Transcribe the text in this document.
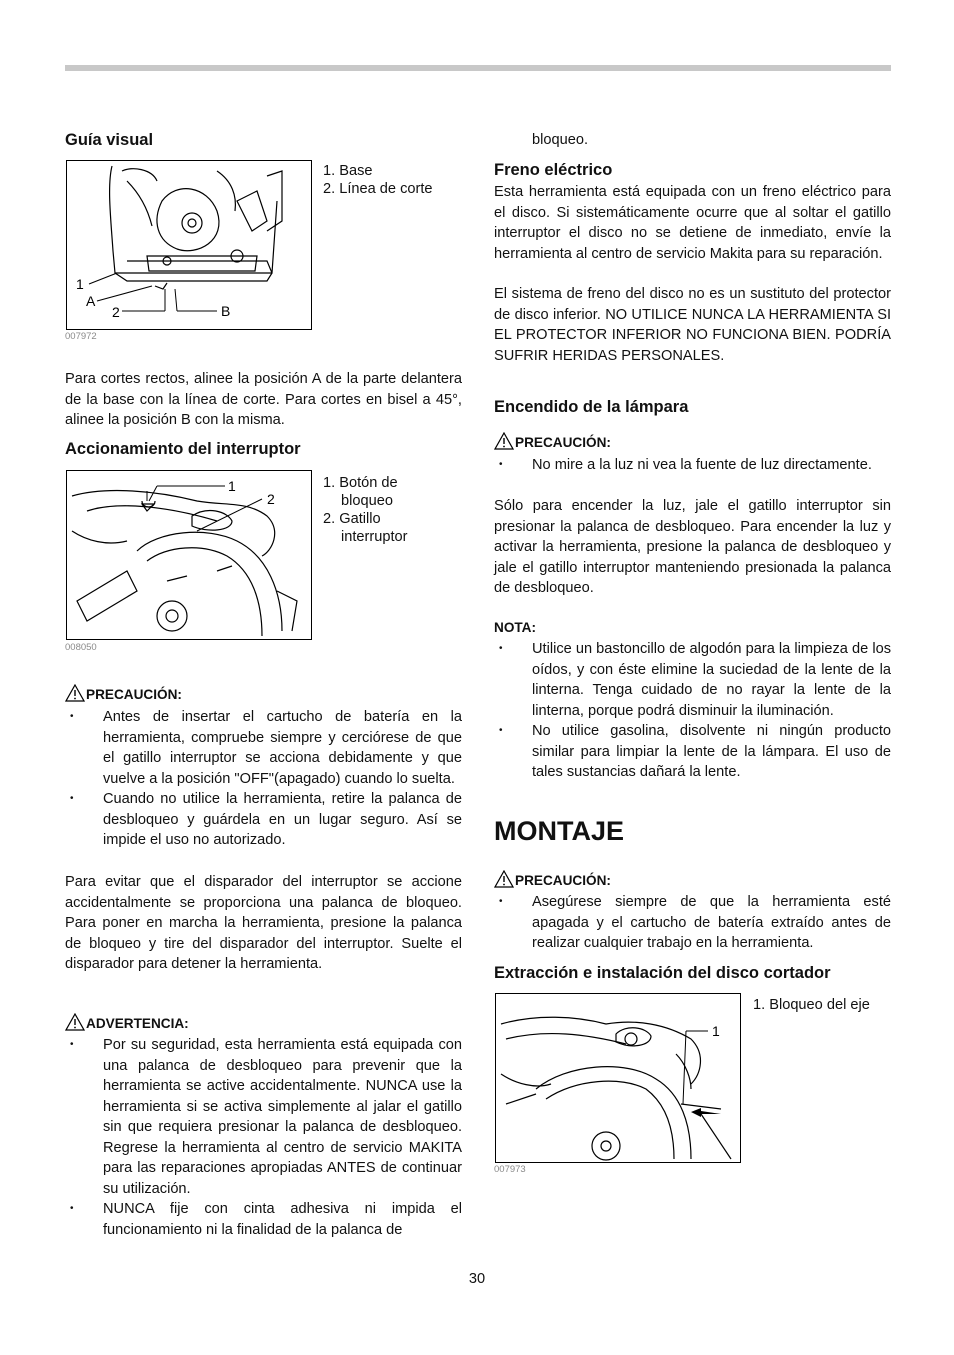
Guía visual
1
A
2	B
1. Base
2. Línea de corte
007972

Para cortes rectos, alinee la posición A de la parte delantera de la base con la línea de corte. Para cortes en bisel a 45°, alinee la posición B con la misma.

Accionamiento del interruptor
1
2
1. Botón de
bloqueo
2. Gatillo
interruptor
008050
PRECAUCIÓN:
• Antes de insertar el cartucho de batería en la herramienta, compruebe siempre y cerciórese de que el gatillo interruptor se acciona debidamente y que vuelve a la posición "OFF"(apagado) cuando lo suelta.
• Cuando no utilice la herramienta, retire la palanca de desbloqueo y guárdela en un lugar seguro. Así se impide el uso no autorizado.

Para evitar que el disparador del interruptor se accione accidentalmente se proporciona una palanca de bloqueo. Para poner en marcha la herramienta, presione la palanca de bloqueo y tire del disparador del interruptor. Suelte el disparador para detener la herramienta.

ADVERTENCIA:
• Por su seguridad, esta herramienta está equipada con una palanca de desbloqueo para prevenir que la herramienta se active accidentalmente. NUNCA use la herramienta si se activa simplemente al jalar el gatillo sin que requiera presionar la palanca de desbloqueo. Regrese la herramienta al centro de servicio MAKITA para las reparaciones apropiadas ANTES de continuar su utilización.
• NUNCA fije con cinta adhesiva ni impida el funcionamiento ni la finalidad de la palanca de

bloqueo.

Freno eléctrico

Esta herramienta está equipada con un freno eléctrico para el disco. Si sistemáticamente ocurre que al soltar el gatillo interruptor el disco no se detiene de inmediato, envíe la herramienta al centro de servicio Makita para su reparación.

El sistema de freno del disco no es un sustituto del protector de disco inferior. NO UTILICE NUNCA LA HERRAMIENTA SI EL PROTECTOR INFERIOR NO FUNCIONA BIEN. PODRÍA SUFRIR HERIDAS PERSONALES.

Encendido de la lámpara
PRECAUCIÓN:
• No mire a la luz ni vea la fuente de luz directamente.

Sólo para encender la luz, jale el gatillo interruptor sin presionar la palanca de desbloqueo. Para encender la luz y activar la herramienta, presione la palanca de desbloqueo y jale el gatillo interruptor manteniendo presionada la palanca de desbloqueo.

NOTA:
• Utilice un bastoncillo de algodón para la limpieza de los oídos, y con éste elimine la suciedad de la lente de la linterna. Tenga cuidado de no rayar la lente de la linterna, porque podrá disminuir la iluminación.
• No utilice gasolina, disolvente ni ningún producto similar para limpiar la lente de la lámpara. El uso de tales sustancias dañará la lente.
MONTAJE
PRECAUCIÓN:
• Asegúrese siempre de que la herramienta esté apagada y el cartucho de batería extraído antes de realizar cualquier trabajo en la herramienta.
Extracción e instalación del disco cortador
1
1. Bloqueo del eje
007973
30
